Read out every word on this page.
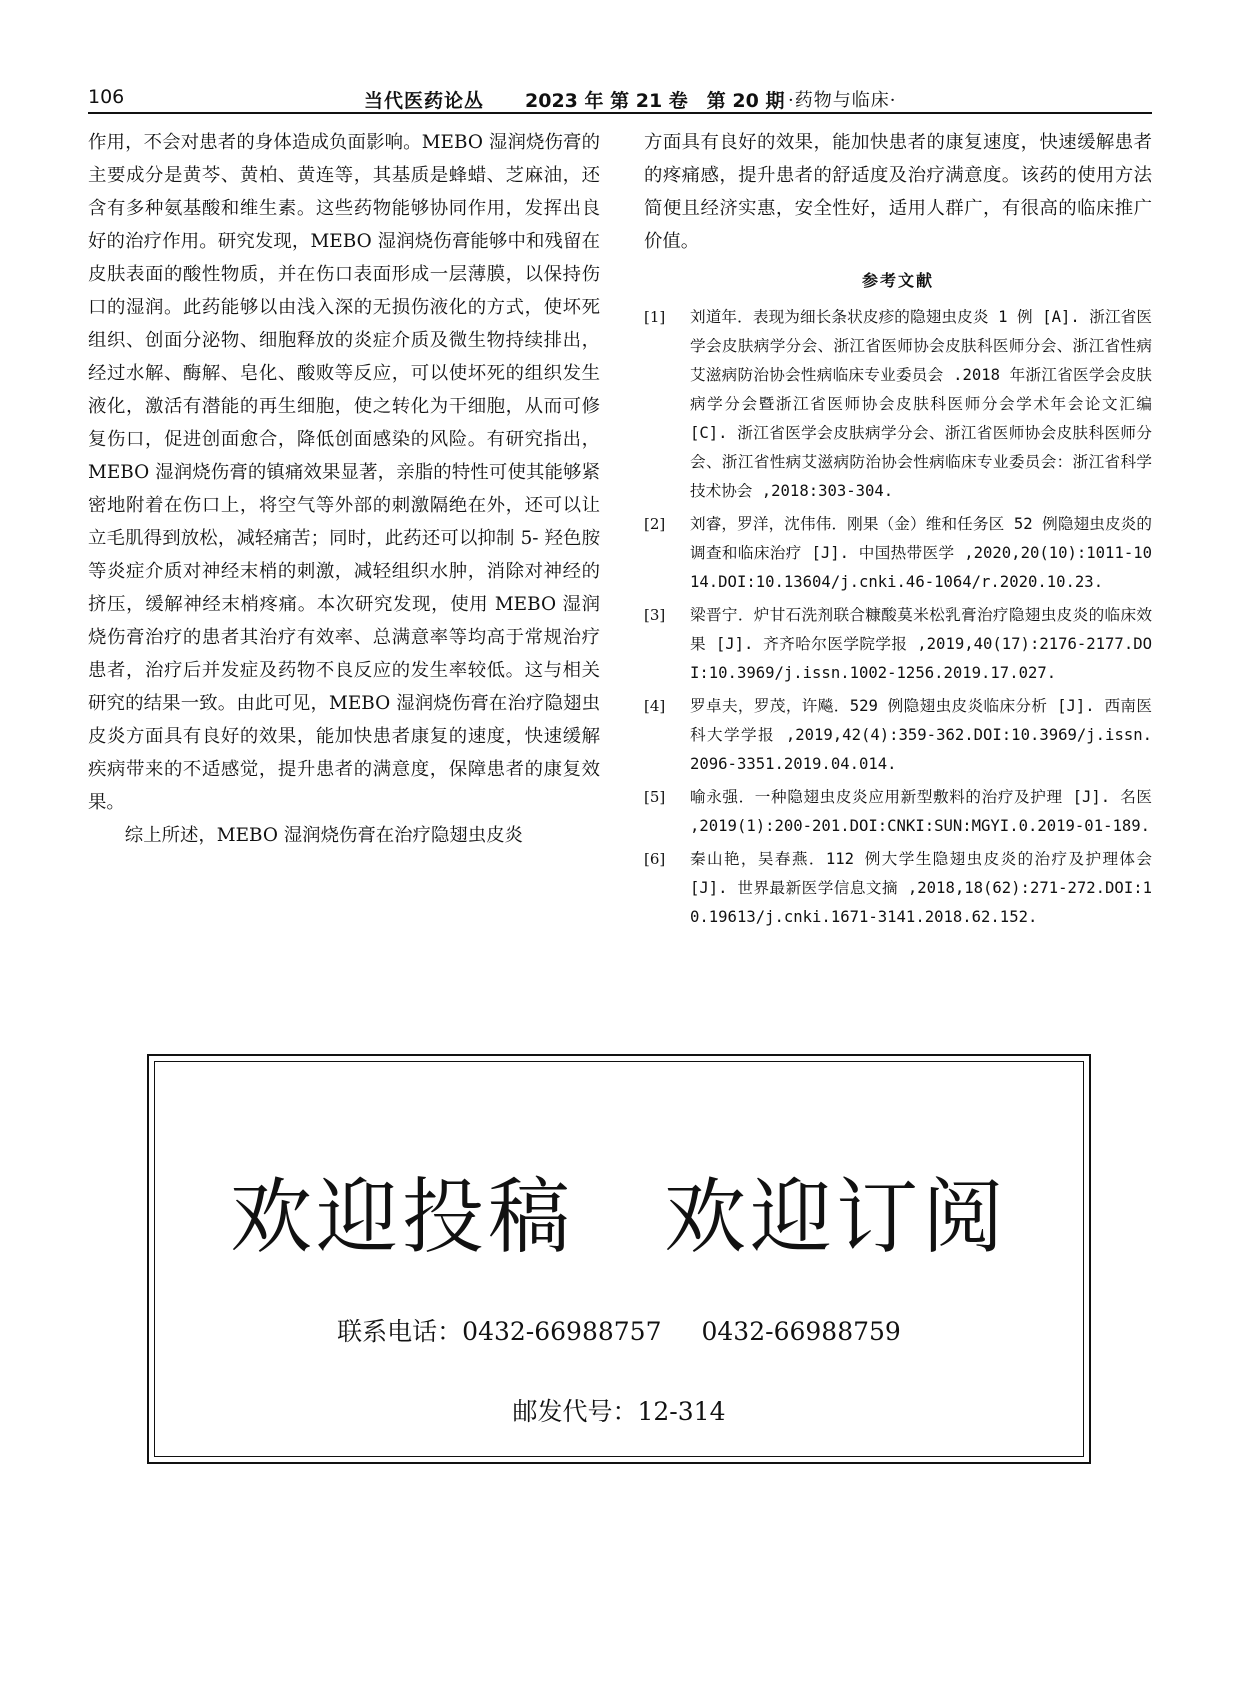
106	当代医药论丛 2023 年 第 21 卷　第 20 期 ·药物与临床·

作用，不会对患者的身体造成负面影响。MEBO 湿润烧伤膏的主要成分是黄芩、黄柏、黄连等，其基质是蜂蜡、芝麻油，还含有多种氨基酸和维生素。这些药物能够协同作用，发挥出良好的治疗作用。研究发现，MEBO 湿润烧伤膏能够中和残留在皮肤表面的酸性物质，并在伤口表面形成一层薄膜，以保持伤口的湿润。此药能够以由浅入深的无损伤液化的方式，使坏死组织、创面分泌物、细胞释放的炎症介质及微生物持续排出，经过水解、酶解、皂化、酸败等反应，可以使坏死的组织发生液化，激活有潜能的再生细胞，使之转化为干细胞，从而可修复伤口，促进创面愈合，降低创面感染的风险。有研究指出，MEBO 湿润烧伤膏的镇痛效果显著，亲脂的特性可使其能够紧密地附着在伤口上，将空气等外部的刺激隔绝在外，还可以让立毛肌得到放松，减轻痛苦；同时，此药还可以抑制 5- 羟色胺等炎症介质对神经末梢的刺激，减轻组织水肿，消除对神经的挤压，缓解神经末梢疼痛。本次研究发现，使用 MEBO 湿润烧伤膏治疗的患者其治疗有效率、总满意率等均高于常规治疗患者，治疗后并发症及药物不良反应的发生率较低。这与相关研究的结果一致。由此可见，MEBO 湿润烧伤膏在治疗隐翅虫皮炎方面具有良好的效果，能加快患者康复的速度，快速缓解疾病带来的不适感觉，提升患者的满意度，保障患者的康复效果。

综上所述，MEBO 湿润烧伤膏在治疗隐翅虫皮炎

方面具有良好的效果，能加快患者的康复速度，快速缓解患者的疼痛感，提升患者的舒适度及治疗满意度。该药的使用方法简便且经济实惠，安全性好，适用人群广，有很高的临床推广价值。

参考文献
[1] 刘道年．表现为细长条状皮疹的隐翅虫皮炎 1 例 [A]. 浙江省医学会皮肤病学分会、浙江省医师协会皮肤科医师分会、浙江省性病艾滋病防治协会性病临床专业委员会 .2018 年浙江省医学会皮肤病学分会暨浙江省医师协会皮肤科医师分会学术年会论文汇编 [C]. 浙江省医学会皮肤病学分会、浙江省医师协会皮肤科医师分会、浙江省性病艾滋病防治协会性病临床专业委员会：浙江省科学技术协会 ,2018:303-304.
[2] 刘睿，罗洋，沈伟伟．刚果（金）维和任务区 52 例隐翅虫皮炎的调查和临床治疗 [J]. 中国热带医学 ,2020,20(10):1011-1014.DOI:10.13604/j.cnki.46-1064/r.2020.10.23.
[3] 梁晋宁．炉甘石洗剂联合糠酸莫米松乳膏治疗隐翅虫皮炎的临床效果 [J]. 齐齐哈尔医学院学报 ,2019,40(17):2176-2177.DOI:10.3969/j.issn.1002-1256.2019.17.027.
[4] 罗卓夫，罗茂，许飚．529 例隐翅虫皮炎临床分析 [J]. 西南医科大学学报 ,2019,42(4):359-362.DOI:10.3969/j.issn.2096-3351.2019.04.014.
[5] 喻永强．一种隐翅虫皮炎应用新型敷料的治疗及护理 [J]. 名医 ,2019(1):200-201.DOI:CNKI:SUN:MGYI.0.2019-01-189.
[6] 秦山艳，吴春燕．112 例大学生隐翅虫皮炎的治疗及护理体会 [J]. 世界最新医学信息文摘 ,2018,18(62):271-272.DOI:10.19613/j.cnki.1671-3141.2018.62.152.
欢迎投稿 欢迎订阅
联系电话：0432-66988757 0432-66988759
邮发代号：12-314
